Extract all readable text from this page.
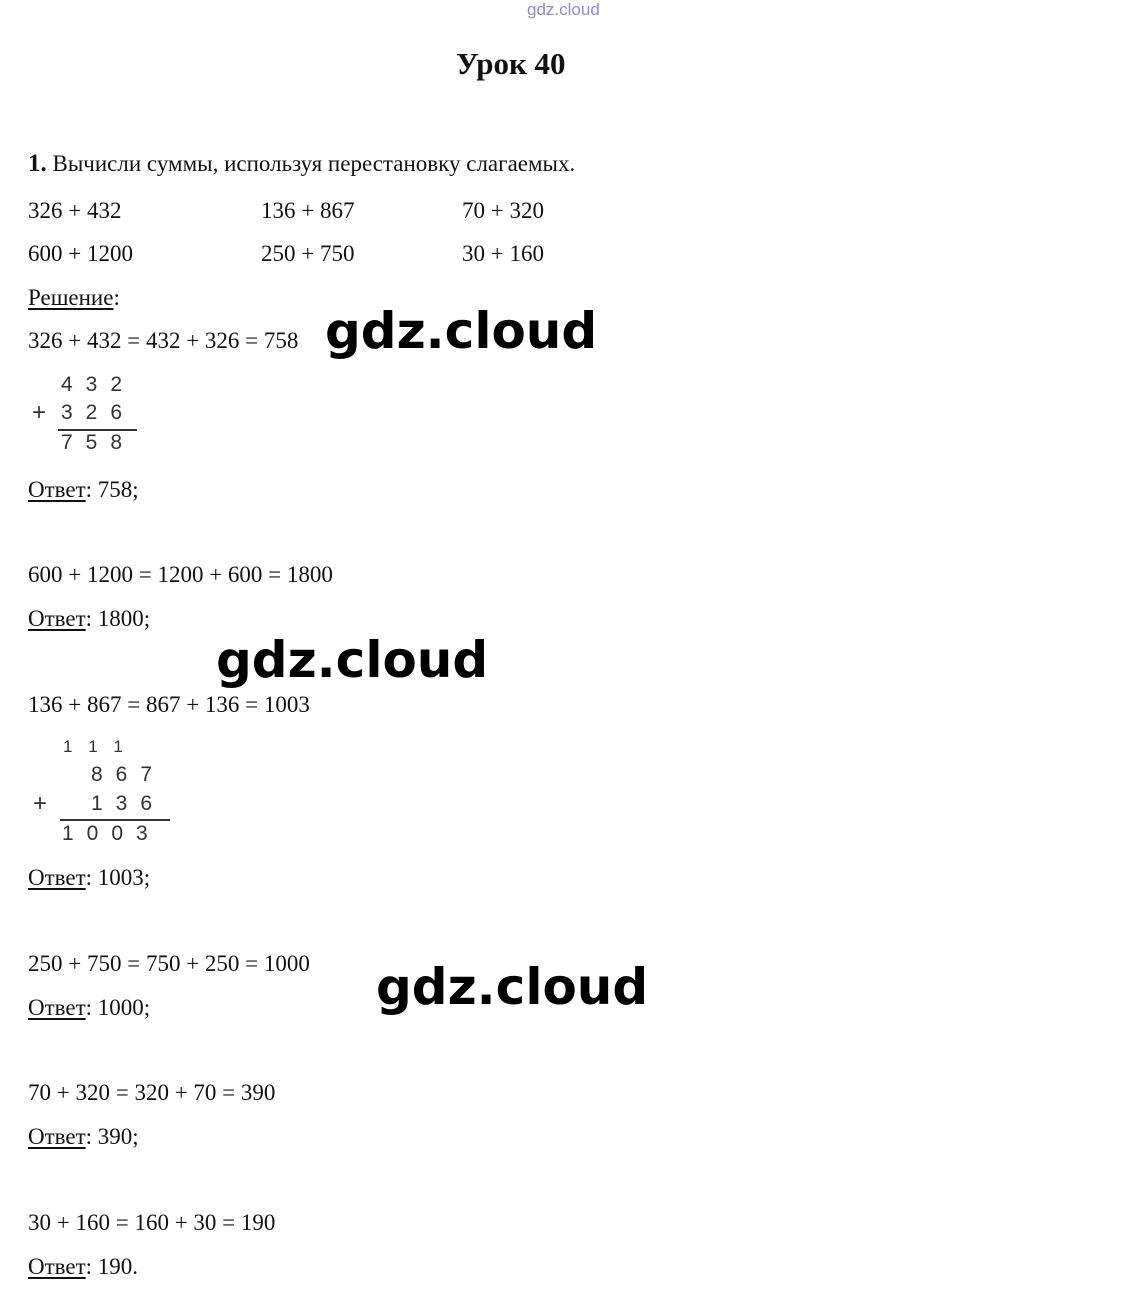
gdz.cloud
Урок 40
1. Вычисли суммы, используя перестановку слагаемых.
326 + 432	136 + 867	70 + 320
600 + 1200	250 + 750	30 + 160
Решение:
326 + 432 = 432 + 326 = 758 gdz.cloud
432
+ 326
758
Ответ: 758;
600 + 1200 = 1200 + 600 = 1800
Ответ: 1800;
gdz.cloud
136 + 867 = 867 + 136 = 1003
111
867
+ 136
1003
Ответ: 1003;
250 + 750 = 750 + 250 = 1000
Ответ: 1000;	gdz.cloud
70 + 320 = 320 + 70 = 390
Ответ: 390;
30 + 160 = 160 + 30 = 190
Ответ: 190.
